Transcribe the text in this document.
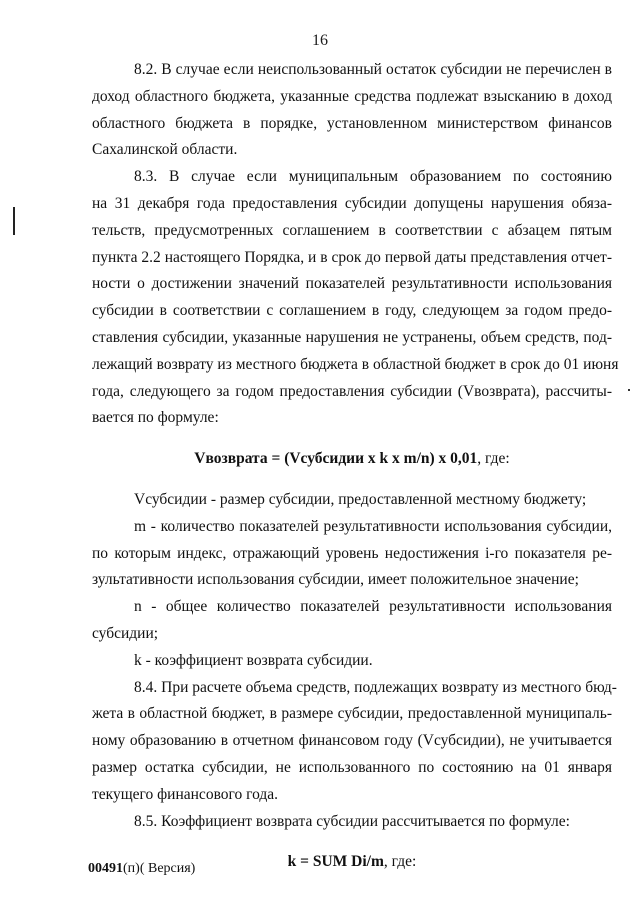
16
8.2. В случае если неиспользованный остаток субсидии не перечислен в
доход областного бюджета, указанные средства подлежат взысканию в доход
областного бюджета в порядке, установленном министерством финансов
Сахалинской области.
8.3. В случае если муниципальным образованием по состоянию
на 31 декабря года предоставления субсидии допущены нарушения обяза-
тельств, предусмотренных соглашением в соответствии с абзацем пятым
пункта 2.2 настоящего Порядка, и в срок до первой даты представления отчет-
ности о достижении значений показателей результативности использования
субсидии в соответствии с соглашением в году, следующем за годом предо-
ставления субсидии, указанные нарушения не устранены, объем средств, под-
лежащий возврату из местного бюджета в областной бюджет в срок до 01 июня
года, следующего за годом предоставления субсидии (Vвозврата), рассчиты-
вается по формуле:
Vвозврата = (Vсубсидии x k x m/n) x 0,01, где:
Vсубсидии - размер субсидии, предоставленной местному бюджету;
m - количество показателей результативности использования субсидии,
по которым индекс, отражающий уровень недостижения i-го показателя ре-
зультативности использования субсидии, имеет положительное значение;
n - общее количество показателей результативности использования
субсидии;
k - коэффициент возврата субсидии.
8.4. При расчете объема средств, подлежащих возврату из местного бюд-
жета в областной бюджет, в размере субсидии, предоставленной муниципаль-
ному образованию в отчетном финансовом году (Vсубсидии), не учитывается
размер остатка субсидии, не использованного по состоянию на 01 января
текущего финансового года.
8.5. Коэффициент возврата субсидии рассчитывается по формуле:
k = SUM Di/m, где:
00491(п)( Версия)
